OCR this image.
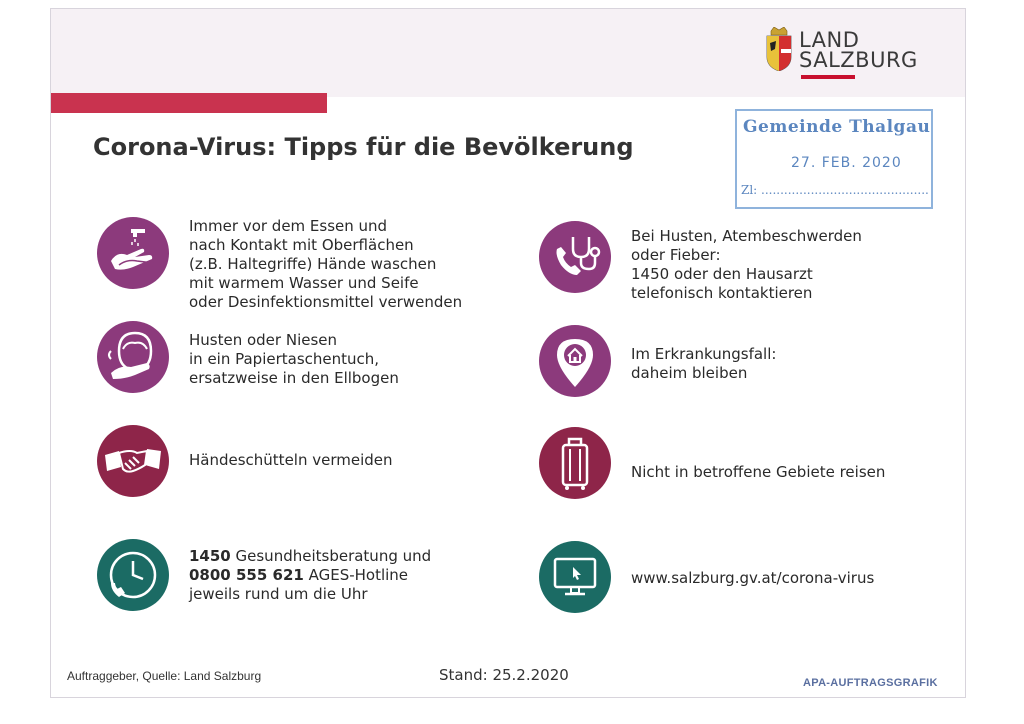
LAND
SALZBURG
Corona-Virus: Tipps für die Bevölkerung
Gemeinde Thalgau
27. FEB. 2020
Zl: ............................................
Immer vor dem Essen und
nach Kontakt mit Oberflächen
(z.B. Haltegriffe) Hände waschen
mit warmem Wasser und Seife
oder Desinfektionsmittel verwenden
Bei Husten, Atembeschwerden
oder Fieber:
1450 oder den Hausarzt
telefonisch kontaktieren
Husten oder Niesen
in ein Papiertaschentuch,
ersatzweise in den Ellbogen
Im Erkrankungsfall:
daheim bleiben
Händeschütteln vermeiden
Nicht in betroffene Gebiete reisen
1450 Gesundheitsberatung und
0800 555 621 AGES-Hotline
jeweils rund um die Uhr
www.salzburg.gv.at/corona-virus
Auftraggeber, Quelle: Land Salzburg	Stand: 25.2.2020	APA-AUFTRAGSGRAFIK
